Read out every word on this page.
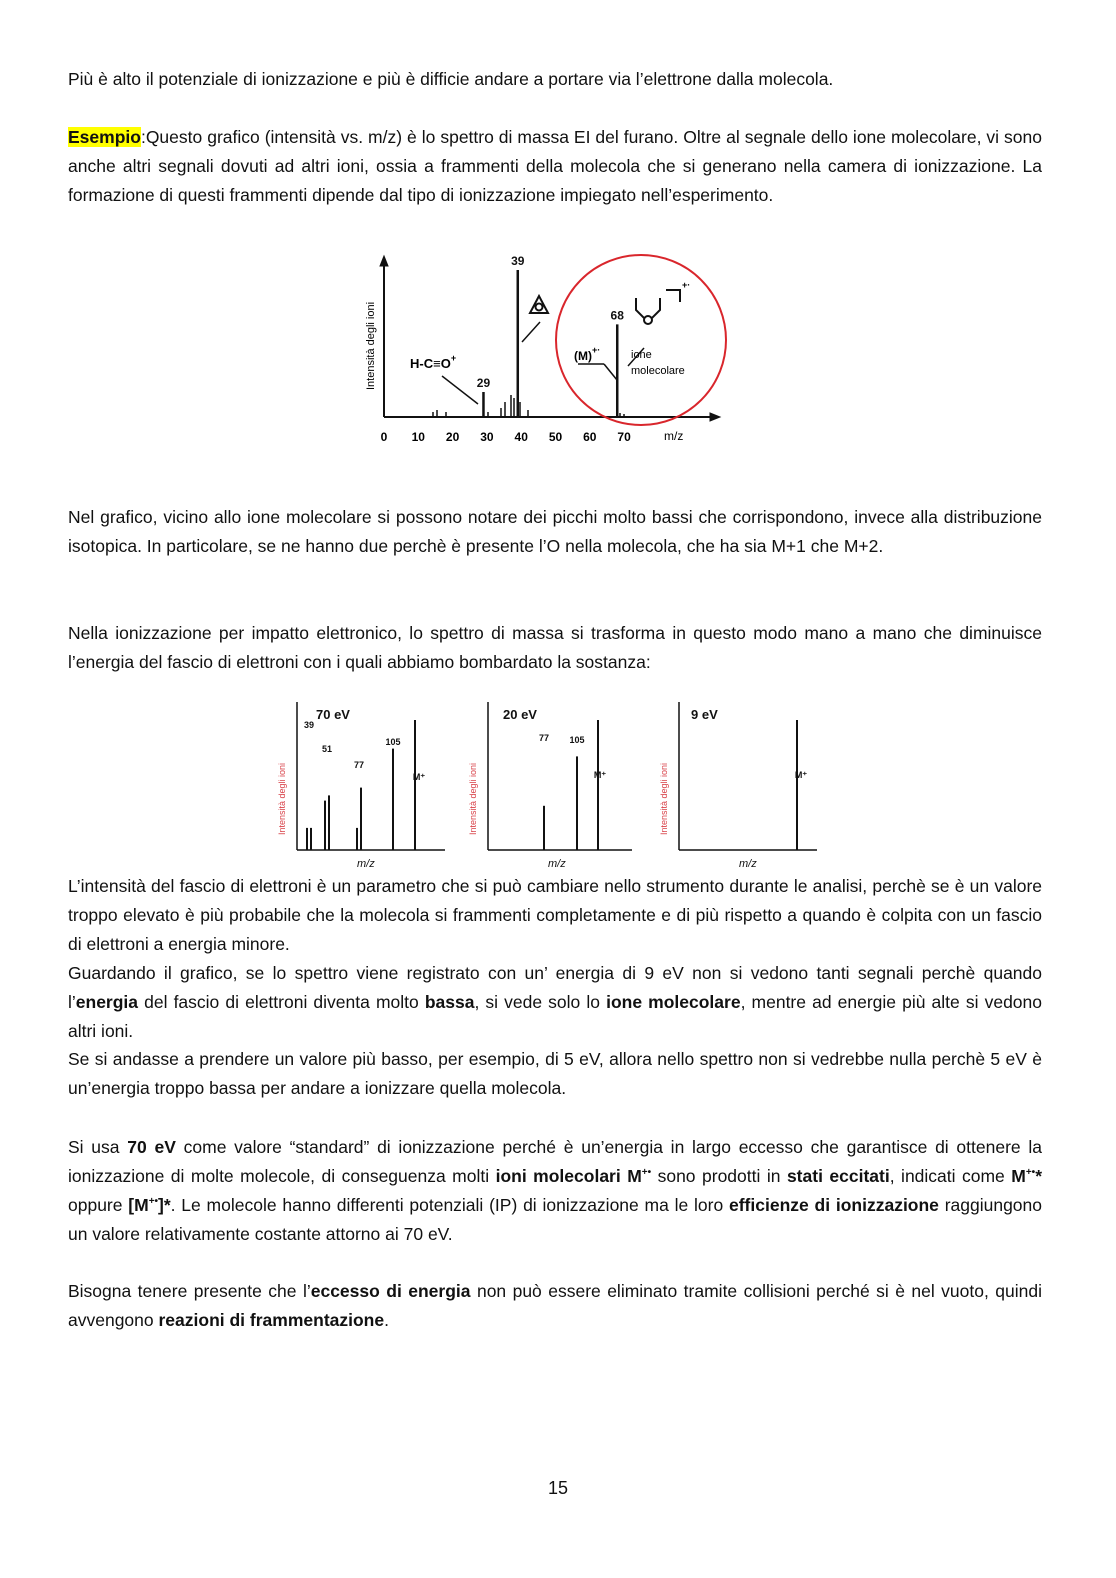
Più è alto il potenziale di ionizzazione e più è difficie andare a portare via l’elettrone dalla molecola.
Esempio:Questo grafico (intensità vs. m/z) è lo spettro di massa EI del furano. Oltre al segnale dello ione molecolare, vi sono anche altri segnali dovuti ad altri ioni, ossia a frammenti della molecola che si generano nella camera di ionizzazione. La formazione di questi frammenti dipende dal tipo di ionizzazione impiegato nell’esperimento.
Intensità degli ioni
0 10 20 30 40 50 60 70	m/z
H-C≡O+	(M)+·	ione
molecolare
+·
39
29
68
Nel grafico, vicino allo ione molecolare si possono notare dei picchi molto bassi che corrispondono, invece alla distribuzione isotopica. In particolare, se ne hanno due perchè è presente l’O nella molecola, che ha sia M+1 che M+2.
Nella ionizzazione per impatto elettronico, lo spettro di massa si trasforma in questo modo mano a mano che diminuisce l’energia del fascio di elettroni con i quali abbiamo bombardato la sostanza:
70 eV
39
51
77
105
M⁺
Intensità degli ioni
m/z
20 eV
77 105
M⁺
Intensità degli ioni
m/z
9 eV
M⁺
Intensità degli ioni
m/z
L’intensità del fascio di elettroni è un parametro che si può cambiare nello strumento durante le analisi, perchè se è un valore troppo elevato è più probabile che la molecola si frammenti completamente e di più rispetto a quando è colpita con un fascio di elettroni a energia minore.
Guardando il grafico, se lo spettro viene registrato con un’ energia di 9 eV non si vedono tanti segnali perchè quando l’energia del fascio di elettroni diventa molto bassa, si vede solo lo ione molecolare, mentre ad energie più alte si vedono altri ioni.
Se si andasse a prendere un valore più basso, per esempio, di 5 eV, allora nello spettro non si vedrebbe nulla perchè 5 eV è un’energia troppo bassa per andare a ionizzare quella molecola.
Si usa 70 eV come valore “standard” di ionizzazione perché è un’energia in largo eccesso che garantisce di ottenere la ionizzazione di molte molecole, di conseguenza molti ioni molecolari M+• sono prodotti in stati eccitati, indicati come M+•* oppure [M+•]*. Le molecole hanno differenti potenziali (IP) di ionizzazione ma le loro efficienze di ionizzazione raggiungono un valore relativamente costante attorno ai 70 eV.
Bisogna tenere presente che l’eccesso di energia non può essere eliminato tramite collisioni perché si è nel vuoto, quindi avvengono reazioni di frammentazione.
15
